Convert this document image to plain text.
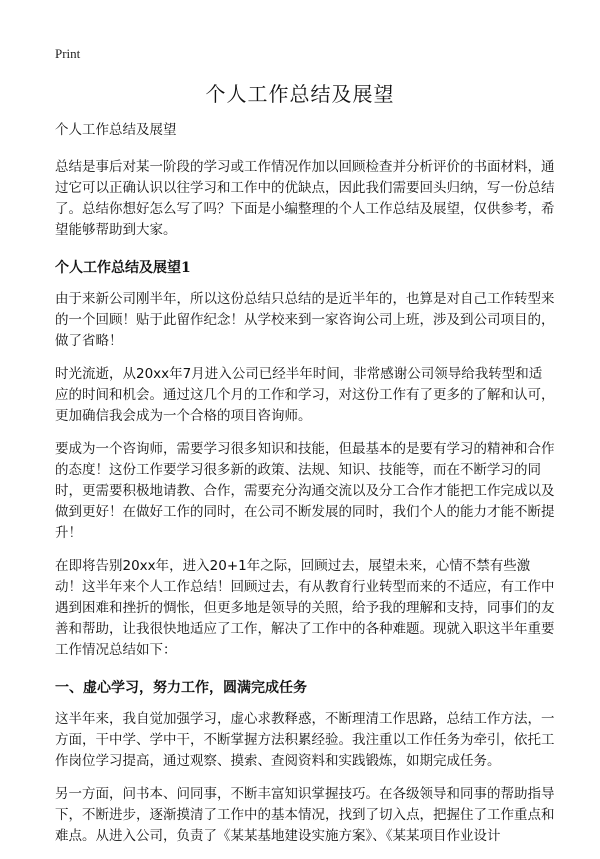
Print
个人工作总结及展望

个人工作总结及展望

总结是事后对某一阶段的学习或工作情况作加以回顾检查并分析评价的书面材料，通过它可以正确认识以往学习和工作中的优缺点，因此我们需要回头归纳，写一份总结了。总结你想好怎么写了吗？下面是小编整理的个人工作总结及展望，仅供参考，希望能够帮助到大家。

个人工作总结及展望1

由于来新公司刚半年，所以这份总结只总结的是近半年的，也算是对自己工作转型来的一个回顾！贴于此留作纪念！从学校来到一家咨询公司上班，涉及到公司项目的，做了省略！

时光流逝，从20xx年7月进入公司已经半年时间，非常感谢公司领导给我转型和适应的时间和机会。通过这几个月的工作和学习，对这份工作有了更多的了解和认可，更加确信我会成为一个合格的项目咨询师。

要成为一个咨询师，需要学习很多知识和技能，但最基本的是要有学习的精神和合作的态度！这份工作要学习很多新的政策、法规、知识、技能等，而在不断学习的同时，更需要积极地请教、合作，需要充分沟通交流以及分工合作才能把工作完成以及做到更好！在做好工作的同时，在公司不断发展的同时，我们个人的能力才能不断提升！

在即将告别20xx年，进入20+1年之际，回顾过去，展望未来，心情不禁有些激动！这半年来个人工作总结！回顾过去，有从教育行业转型而来的不适应，有工作中遇到困难和挫折的惆怅，但更多地是领导的关照，给予我的理解和支持，同事们的友善和帮助，让我很快地适应了工作，解决了工作中的各种难题。现就入职这半年重要工作情况总结如下：

一、虚心学习，努力工作，圆满完成任务

这半年来，我自觉加强学习，虚心求教释惑，不断理清工作思路，总结工作方法，一方面，干中学、学中干，不断掌握方法积累经验。我注重以工作任务为牵引，依托工作岗位学习提高，通过观察、摸索、查阅资料和实践锻炼，如期完成任务。

另一方面，问书本、问同事，不断丰富知识掌握技巧。在各级领导和同事的帮助指导下，不断进步，逐渐摸清了工作中的基本情况，找到了切入点，把握住了工作重点和难点。从进入公司，负责了《某某基地建设实施方案》、《某某项目作业设计
